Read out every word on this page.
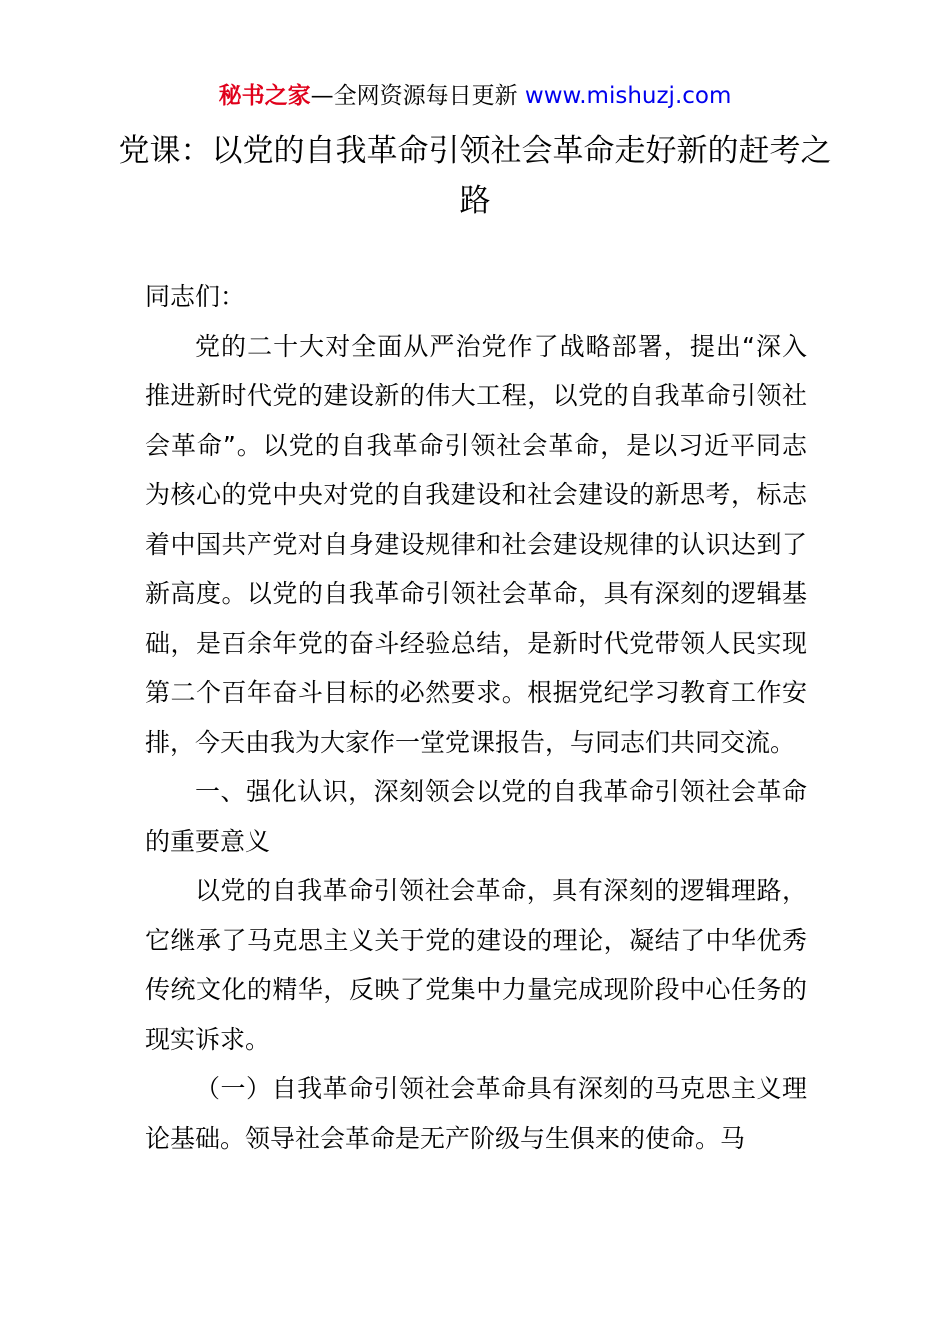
秘书之家—全网资源每日更新 www.mishuzj.com
党课：以党的自我革命引领社会革命走好新的赶考之路

同志们：

党的二十大对全面从严治党作了战略部署，提出“深入推进新时代党的建设新的伟大工程，以党的自我革命引领社会革命”。以党的自我革命引领社会革命，是以习近平同志为核心的党中央对党的自我建设和社会建设的新思考，标志着中国共产党对自身建设规律和社会建设规律的认识达到了新高度。以党的自我革命引领社会革命，具有深刻的逻辑基础，是百余年党的奋斗经验总结，是新时代党带领人民实现第二个百年奋斗目标的必然要求。根据党纪学习教育工作安排，今天由我为大家作一堂党课报告，与同志们共同交流。

一、强化认识，深刻领会以党的自我革命引领社会革命的重要意义

以党的自我革命引领社会革命，具有深刻的逻辑理路，它继承了马克思主义关于党的建设的理论，凝结了中华优秀传统文化的精华，反映了党集中力量完成现阶段中心任务的现实诉求。

（一）自我革命引领社会革命具有深刻的马克思主义理论基础。领导社会革命是无产阶级与生俱来的使命。马
